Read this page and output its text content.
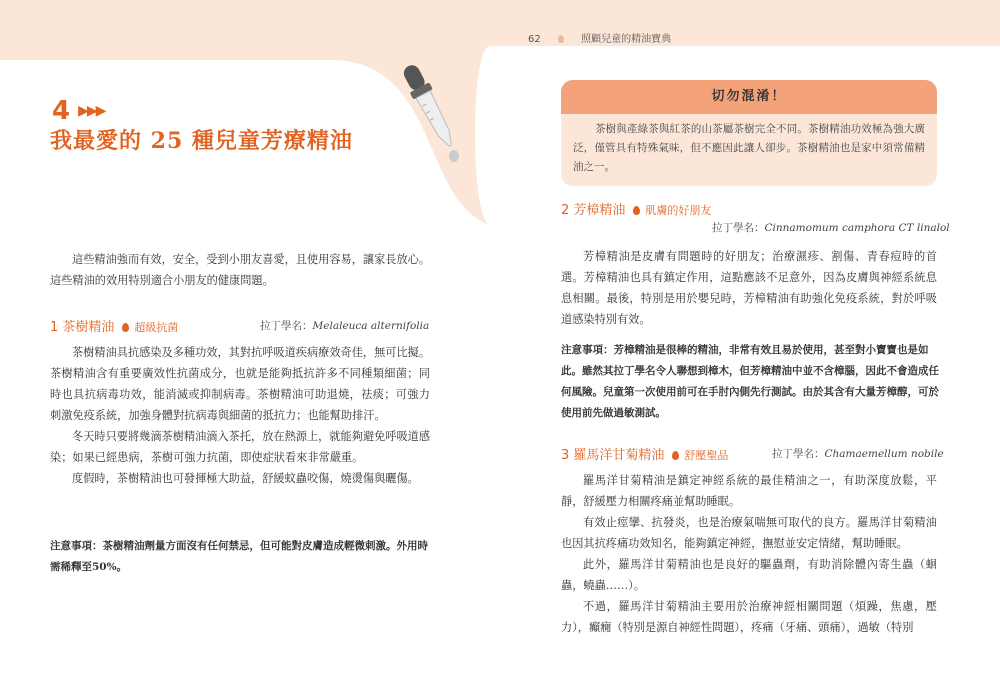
62	照顧兒童的精油寶典
4 ▶▶▶
我最愛的 25 種兒童芳療精油
這些精油強而有效，安全，受到小朋友喜愛，且使用容易，讓家長放心。這些精油的效用特別適合小朋友的健康問題。
1 茶樹精油 超級抗菌	拉丁學名：Melaleuca alternifolia
茶樹精油具抗感染及多種功效，其對抗呼吸道疾病療效奇佳，無可比擬。茶樹精油含有重要廣效性抗菌成分，也就是能夠抵抗許多不同種類細菌；同時也具抗病毒功效，能消滅或抑制病毒。茶樹精油可助退燒，祛痰；可強力刺激免疫系統，加強身體對抗病毒與細菌的抵抗力；也能幫助排汗。
冬天時只要將幾滴茶樹精油滴入茶托，放在熱源上，就能夠避免呼吸道感染；如果已經患病，茶樹可強力抗菌，即使症狀看來非常嚴重。
度假時，茶樹精油也可發揮極大助益，舒緩蚊蟲咬傷，燒燙傷與曬傷。
注意事項：茶樹精油劑量方面沒有任何禁忌，但可能對皮膚造成輕微刺激。外用時需稀釋至50%。
切勿混淆！
茶樹與產綠茶與紅茶的山茶屬茶樹完全不同。茶樹精油功效極為強大廣泛，僅管具有特殊氣味，但不應因此讓人卻步。茶樹精油也是家中須常備精油之一。
2 芳樟精油 肌膚的好朋友
拉丁學名：Cinnamomum camphora CT linalol
芳樟精油是皮膚有問題時的好朋友；治療濕疹、割傷、青春痘時的首選。芳樟精油也具有鎮定作用，這點應該不足意外，因為皮膚與神經系統息息相關。最後，特別是用於嬰兒時，芳樟精油有助強化免疫系統，對於呼吸道感染特別有效。
注意事項：芳樟精油是很棒的精油，非常有效且易於使用，甚至對小寶寶也是如此。雖然其拉丁學名令人聯想到樟木，但芳樟精油中並不含樟腦，因此不會造成任何風險。兒童第一次使用前可在手肘內側先行測試。由於其含有大量芳樟醇，可於使用前先做過敏測試。
3 羅馬洋甘菊精油 舒壓聖品	拉丁學名：Chamaemellum nobile
羅馬洋甘菊精油是鎮定神經系統的最佳精油之一，有助深度放鬆，平靜，舒緩壓力相關疼痛並幫助睡眠。
有效止痙攣、抗發炎，也是治療氣喘無可取代的良方。羅馬洋甘菊精油也因其抗疼痛功效知名，能夠鎮定神經，撫慰並安定情緒，幫助睡眠。
此外，羅馬洋甘菊精油也是良好的驅蟲劑，有助消除體內寄生蟲（蛔蟲，蟯蟲……）。
不過，羅馬洋甘菊精油主要用於治療神經相關問題（煩躁，焦慮，壓力），癲癇（特別是源自神經性問題），疼痛（牙痛、頭痛），過敏（特別
